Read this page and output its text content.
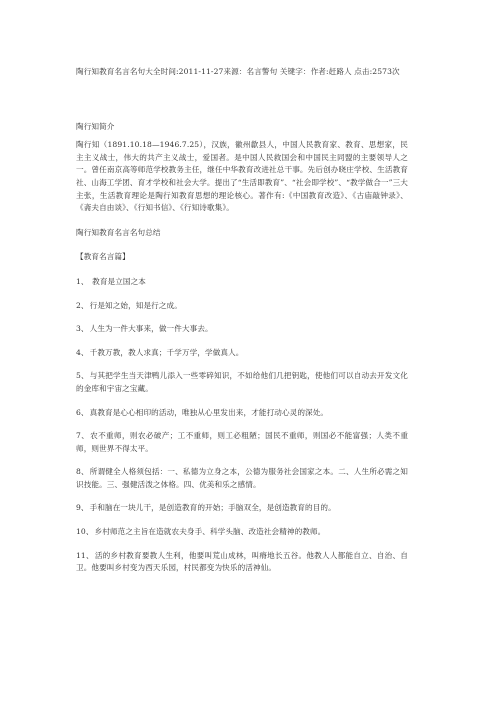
陶行知教育名言名句大全时间:2011-11-27来源：名言警句 关键字：作者:赶路人 点击:2573次

陶行知简介

陶行知（1891.10.18—1946.7.25），汉族，徽州歙县人，中国人民教育家、教育、思想家，民主主义战士，伟大的共产主义战士，爱国者。是中国人民救国会和中国民主同盟的主要领导人之一。曾任南京高等师范学校教务主任，继任中华教育改进社总干事。先后创办晓庄学校、生活教育社、山海工学团、育才学校和社会大学。提出了“生活即教育”、“社会即学校”、“教学做合一”三大主张，生活教育理论是陶行知教育思想的理论核心。著作有:《中国教育改造》、《古庙敲钟录》、《斋夫自由谈》、《行知书信》、《行知诗歌集》。

陶行知教育名言名句总结

【教育名言篇】

1、 教育是立国之本

2、行是知之始，知是行之成。

3、人生为一件大事来，做一件大事去。

4、千教万教，教人求真；千学万学，学做真人。

5、与其把学生当天津鸭儿添入一些零碎知识，不如给他们几把钥匙，使他们可以自动去开发文化的金库和宇宙之宝藏。

6、真教育是心心相印的活动，唯独从心里发出来，才能打动心灵的深处。

7、农不重师，则农必破产；工不重师，则工必粗陋；国民不重师，则国必不能富强；人类不重师，则世界不得太平。

8、所谓健全人格须包括：一、私德为立身之本，公德为服务社会国家之本。二、人生所必需之知识技能。三、强健活泼之体格。四、优美和乐之感情。

9、手和脑在一块儿干，是创造教育的开始；手脑双全，是创造教育的目的。

10、乡村师范之主旨在造就农夫身手、科学头脑、改造社会精神的教师。

11、活的乡村教育要教人生利，他要叫荒山成林，叫瘠地长五谷。他教人人都能自立、自治、自卫。他要叫乡村变为西天乐园，村民都变为快乐的活神仙。
